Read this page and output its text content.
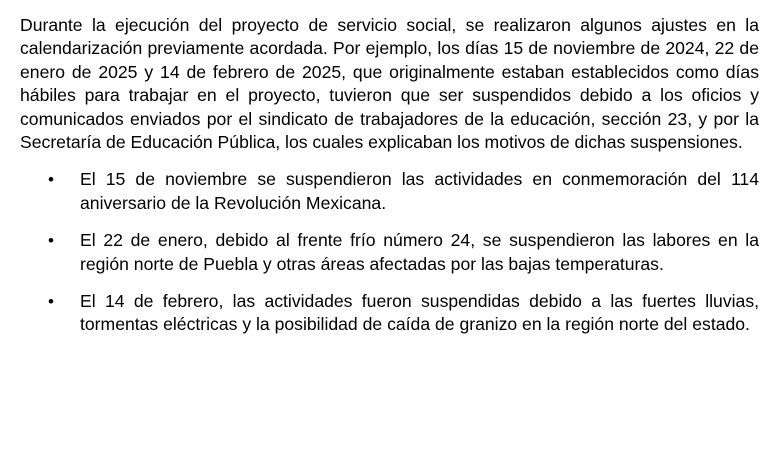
Durante la ejecución del proyecto de servicio social, se realizaron algunos ajustes en la calendarización previamente acordada. Por ejemplo, los días 15 de noviembre de 2024, 22 de enero de 2025 y 14 de febrero de 2025, que originalmente estaban establecidos como días hábiles para trabajar en el proyecto, tuvieron que ser suspendidos debido a los oficios y comunicados enviados por el sindicato de trabajadores de la educación, sección 23, y por la Secretaría de Educación Pública, los cuales explicaban los motivos de dichas suspensiones.

• El 15 de noviembre se suspendieron las actividades en conmemoración del 114 aniversario de la Revolución Mexicana.
• El 22 de enero, debido al frente frío número 24, se suspendieron las labores en la región norte de Puebla y otras áreas afectadas por las bajas temperaturas.
• El 14 de febrero, las actividades fueron suspendidas debido a las fuertes lluvias, tormentas eléctricas y la posibilidad de caída de granizo en la región norte del estado.
